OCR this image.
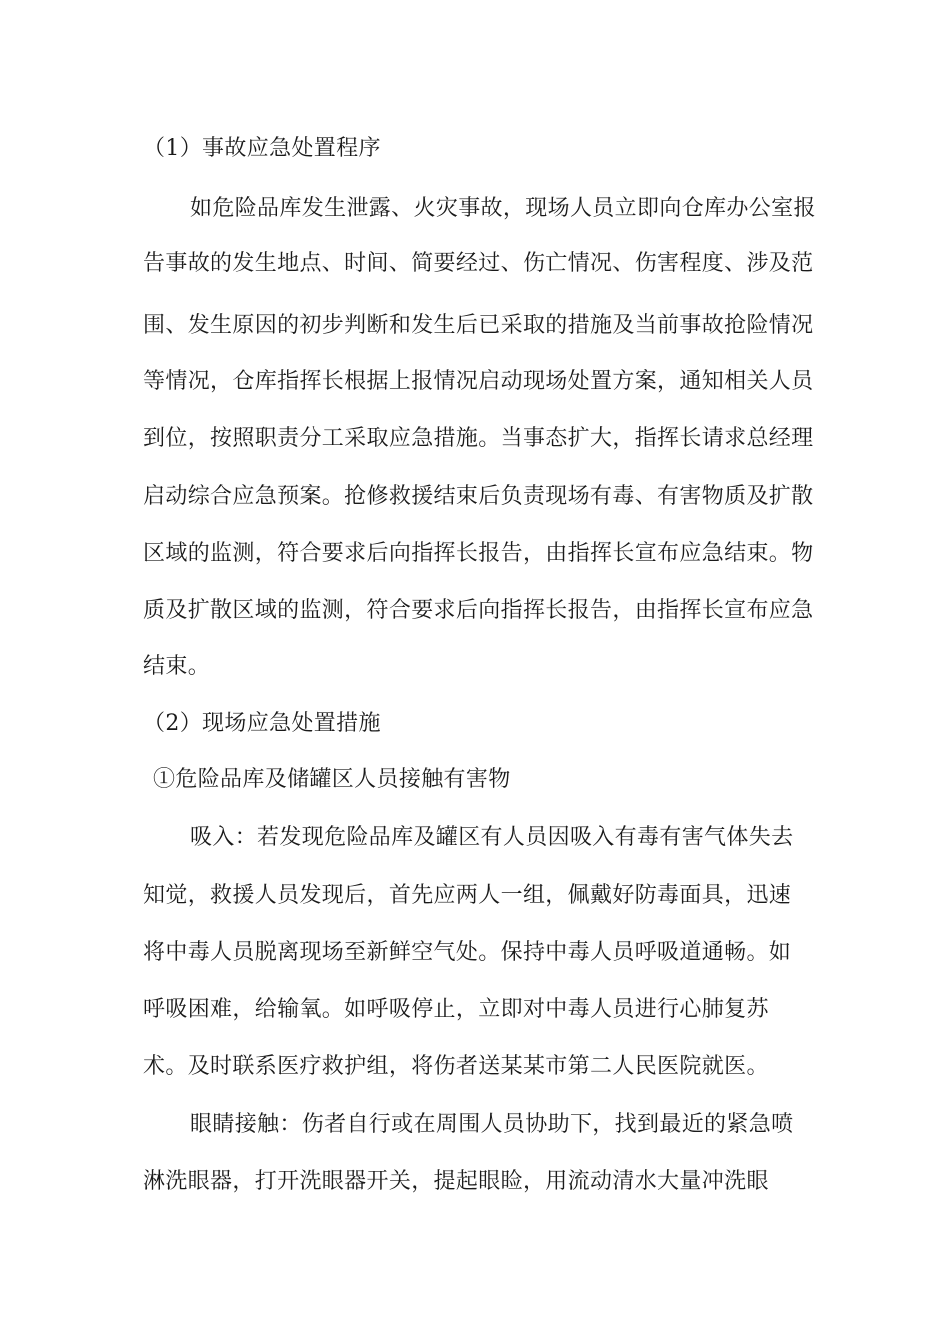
（1）事故应急处置程序
如危险品库发生泄露、火灾事故，现场人员立即向仓库办公室报
告事故的发生地点、时间、简要经过、伤亡情况、伤害程度、涉及范
围、发生原因的初步判断和发生后已采取的措施及当前事故抢险情况
等情况，仓库指挥长根据上报情况启动现场处置方案，通知相关人员
到位，按照职责分工采取应急措施。当事态扩大，指挥长请求总经理
启动综合应急预案。抢修救援结束后负责现场有毒、有害物质及扩散
区域的监测，符合要求后向指挥长报告，由指挥长宣布应急结束。物
质及扩散区域的监测，符合要求后向指挥长报告，由指挥长宣布应急
结束。
（2）现场应急处置措施
①危险品库及储罐区人员接触有害物
吸入：若发现危险品库及罐区有人员因吸入有毒有害气体失去
知觉，救援人员发现后，首先应两人一组，佩戴好防毒面具，迅速
将中毒人员脱离现场至新鲜空气处。保持中毒人员呼吸道通畅。如
呼吸困难，给输氧。如呼吸停止，立即对中毒人员进行心肺复苏
术。及时联系医疗救护组，将伤者送某某市第二人民医院就医。
眼睛接触：伤者自行或在周围人员协助下，找到最近的紧急喷
淋洗眼器，打开洗眼器开关，提起眼睑，用流动清水大量冲洗眼
